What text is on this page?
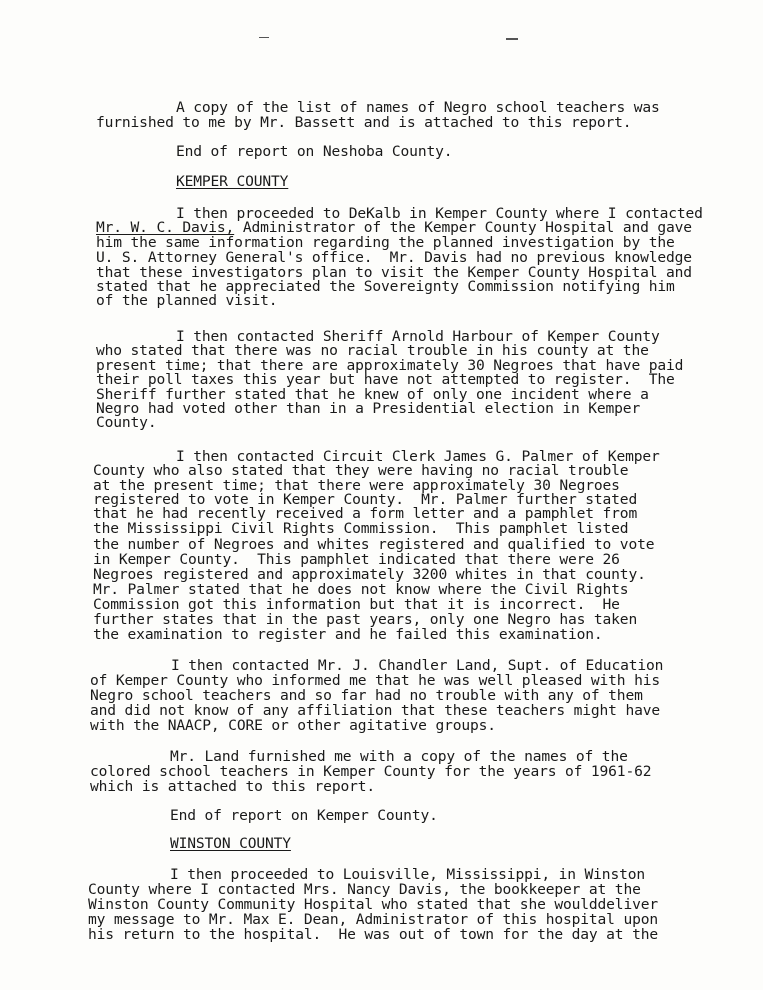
A copy of the list of names of Negro school teachers was
furnished to me by Mr. Bassett and is attached to this report.
End of report on Neshoba County.
KEMPER COUNTY
I then proceeded to DeKalb in Kemper County where I contacted
Mr. W. C. Davis, Administrator of the Kemper County Hospital and gave
him the same information regarding the planned investigation by the
U. S. Attorney General's office.  Mr. Davis had no previous knowledge
that these investigators plan to visit the Kemper County Hospital and
stated that he appreciated the Sovereignty Commission notifying him
of the planned visit.
I then contacted Sheriff Arnold Harbour of Kemper County
who stated that there was no racial trouble in his county at the
present time; that there are approximately 30 Negroes that have paid
their poll taxes this year but have not attempted to register.  The
Sheriff further stated that he knew of only one incident where a
Negro had voted other than in a Presidential election in Kemper
County.
I then contacted Circuit Clerk James G. Palmer of Kemper
County who also stated that they were having no racial trouble
at the present time; that there were approximately 30 Negroes
registered to vote in Kemper County.  Mr. Palmer further stated
that he had recently received a form letter and a pamphlet from
the Mississippi Civil Rights Commission.  This pamphlet listed
the number of Negroes and whites registered and qualified to vote
in Kemper County.  This pamphlet indicated that there were 26
Negroes registered and approximately 3200 whites in that county.
Mr. Palmer stated that he does not know where the Civil Rights
Commission got this information but that it is incorrect.  He
further states that in the past years, only one Negro has taken
the examination to register and he failed this examination.
I then contacted Mr. J. Chandler Land, Supt. of Education
of Kemper County who informed me that he was well pleased with his
Negro school teachers and so far had no trouble with any of them
and did not know of any affiliation that these teachers might have
with the NAACP, CORE or other agitative groups.
Mr. Land furnished me with a copy of the names of the
colored school teachers in Kemper County for the years of 1961-62
which is attached to this report.
End of report on Kemper County.
WINSTON COUNTY
I then proceeded to Louisville, Mississippi, in Winston
County where I contacted Mrs. Nancy Davis, the bookkeeper at the
Winston County Community Hospital who stated that she woulddeliver
my message to Mr. Max E. Dean, Administrator of this hospital upon
his return to the hospital.  He was out of town for the day at the
